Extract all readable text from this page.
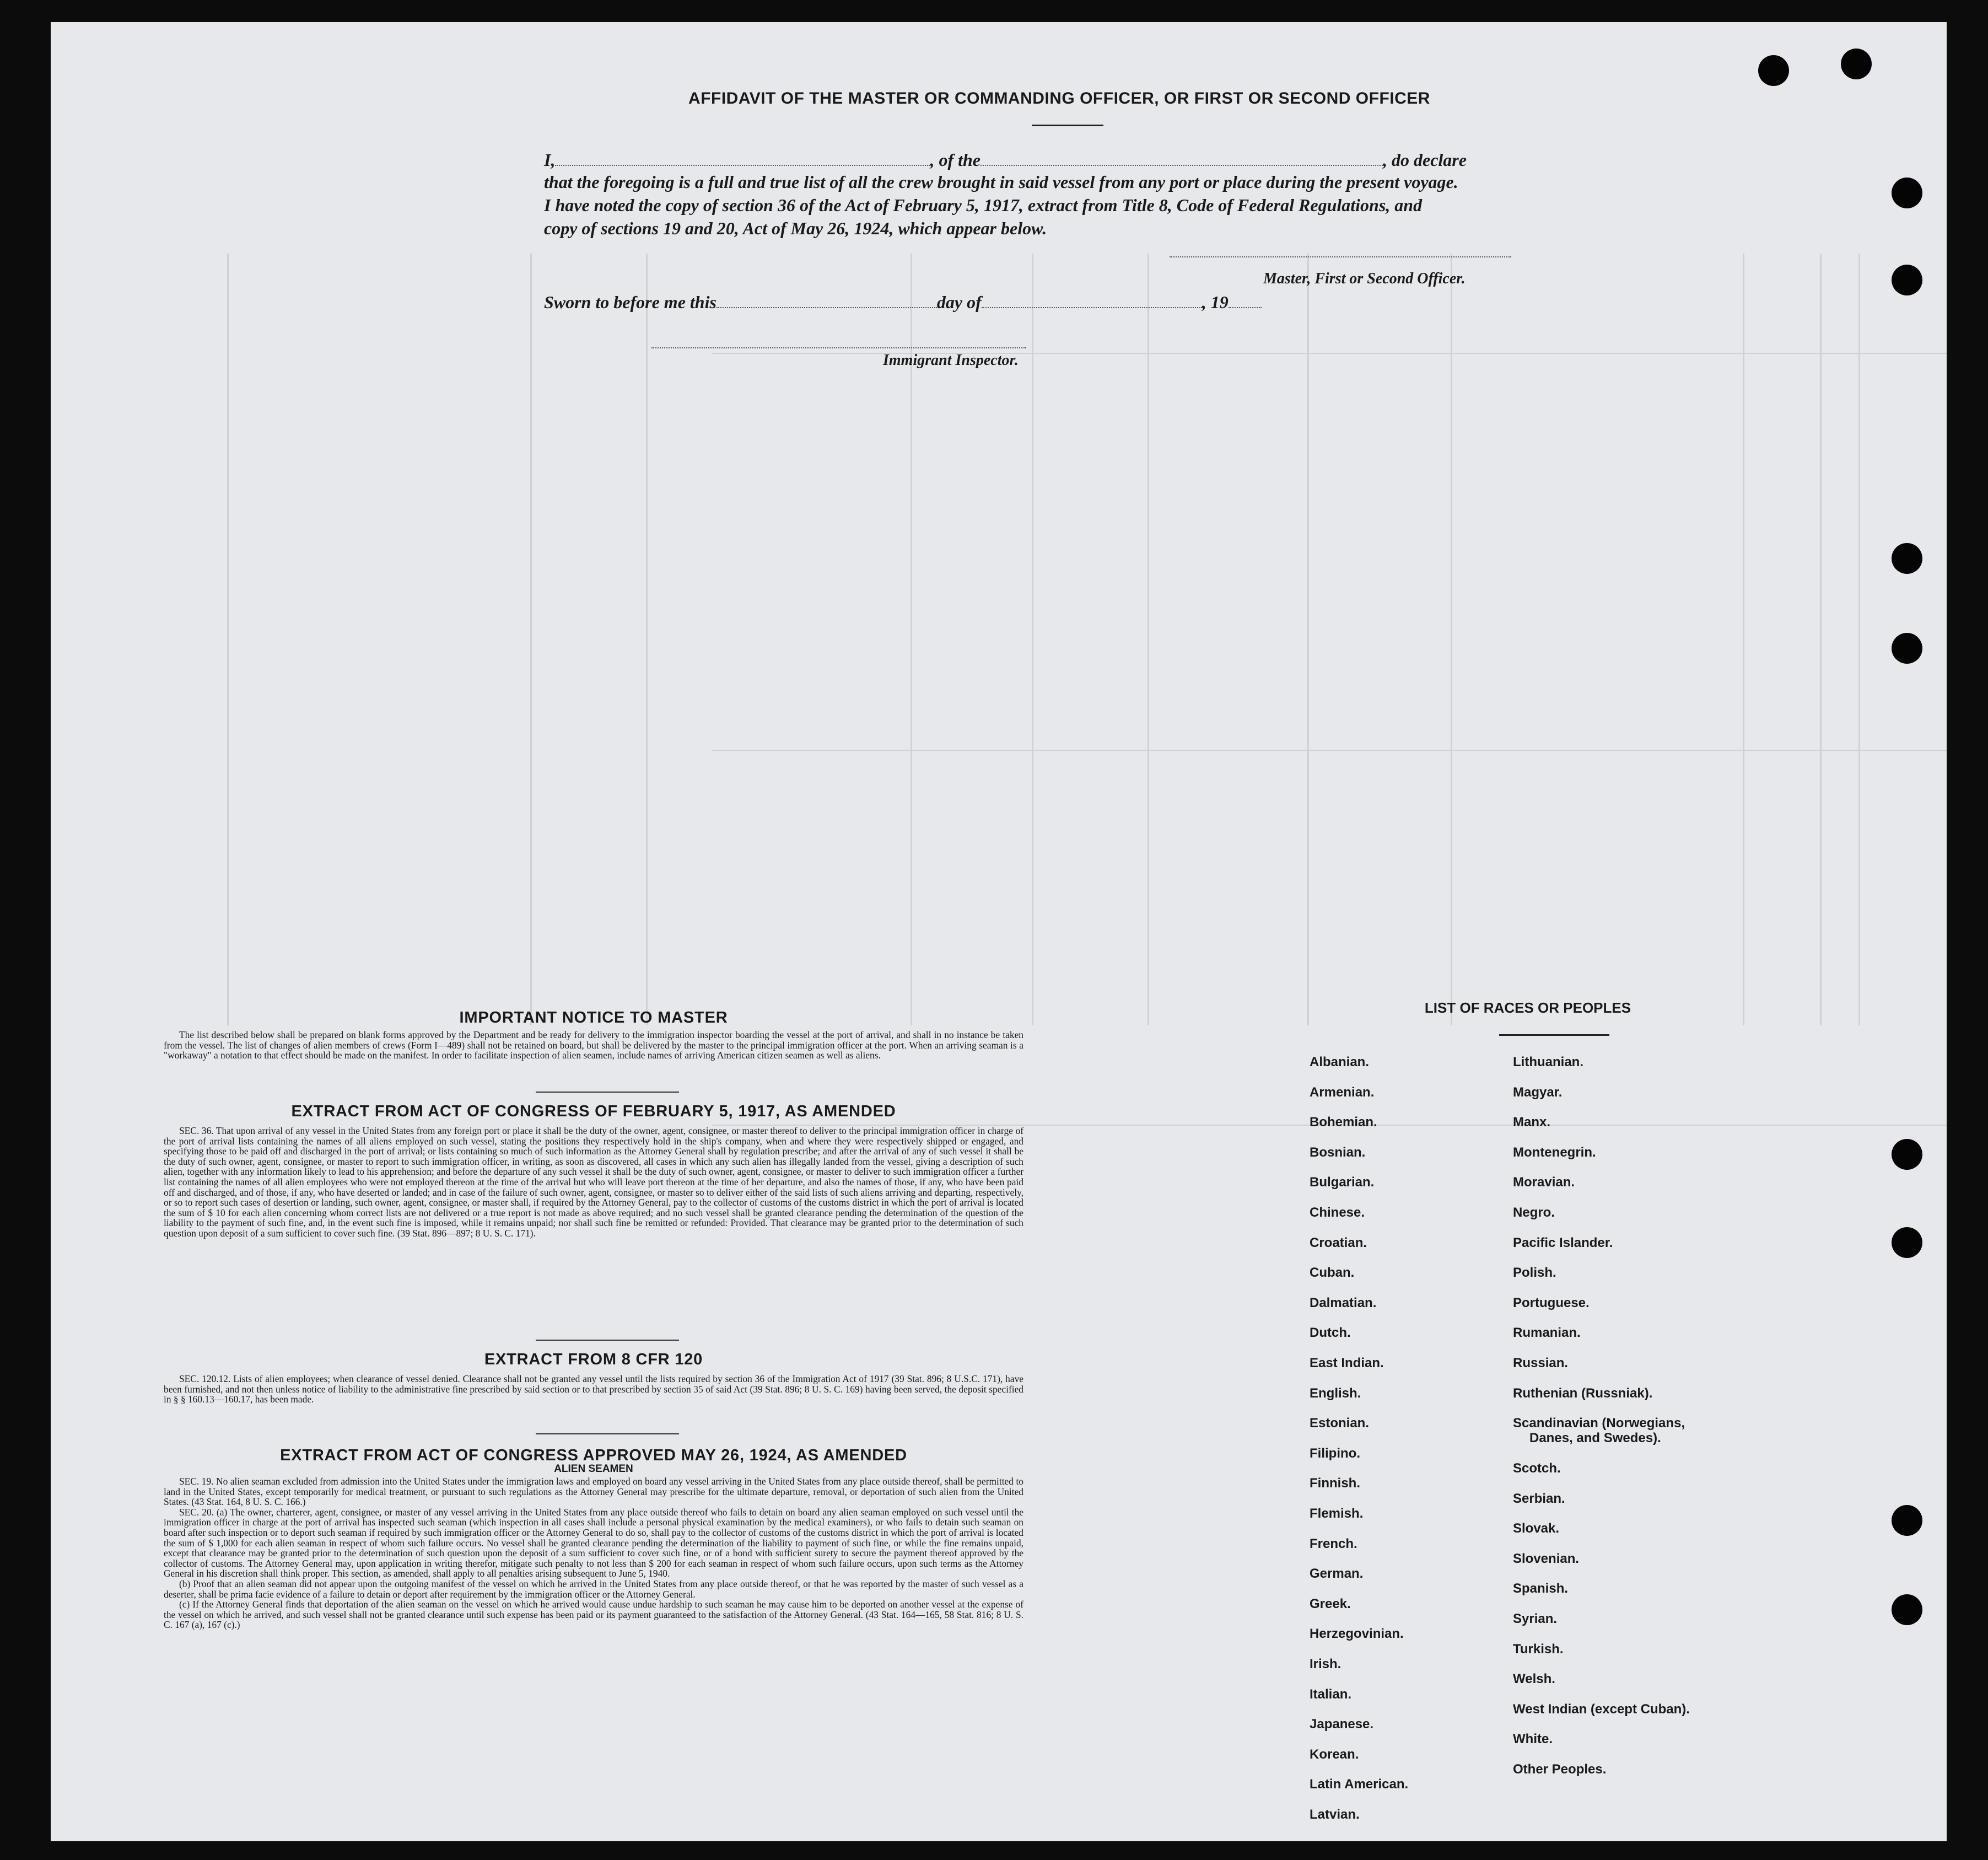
AFFIDAVIT OF THE MASTER OR COMMANDING OFFICER, OR FIRST OR SECOND OFFICER
I,	, of the	, do declare
that the foregoing is a full and true list of all the crew brought in said vessel from any port or place during the present voyage.
I have noted the copy of section 36 of the Act of February 5, 1917, extract from Title 8, Code of Federal Regulations, and
copy of sections 19 and 20, Act of May 26, 1924, which appear below.
Master, First or Second Officer.
Sworn to before me this	day of	, 19
Immigrant Inspector.
IMPORTANT NOTICE TO MASTER

The list described below shall be prepared on blank forms approved by the Department and be ready for delivery to the immigration inspector boarding the vessel at the port of arrival, and shall in no instance be taken from the vessel. The list of changes of alien members of crews (Form I—489) shall not be retained on board, but shall be delivered by the master to the principal immigration officer at the port. When an arriving seaman is a "workaway" a notation to that effect should be made on the manifest. In order to facilitate inspection of alien seamen, include names of arriving American citizen seamen as well as aliens.

EXTRACT FROM ACT OF CONGRESS OF FEBRUARY 5, 1917, AS AMENDED

SEC. 36. That upon arrival of any vessel in the United States from any foreign port or place it shall be the duty of the owner, agent, consignee, or master thereof to deliver to the principal immigration officer in charge of the port of arrival lists containing the names of all aliens employed on such vessel, stating the positions they respectively hold in the ship's company, when and where they were respectively shipped or engaged, and specifying those to be paid off and discharged in the port of arrival; or lists containing so much of such information as the Attorney General shall by regulation prescribe; and after the arrival of any of such vessel it shall be the duty of such owner, agent, consignee, or master to report to such immigration officer, in writing, as soon as discovered, all cases in which any such alien has illegally landed from the vessel, giving a description of such alien, together with any information likely to lead to his apprehension; and before the departure of any such vessel it shall be the duty of such owner, agent, consignee, or master to deliver to such immigration officer a further list containing the names of all alien employees who were not employed thereon at the time of the arrival but who will leave port thereon at the time of her departure, and also the names of those, if any, who have been paid off and discharged, and of those, if any, who have deserted or landed; and in case of the failure of such owner, agent, consignee, or master so to deliver either of the said lists of such aliens arriving and departing, respectively, or so to report such cases of desertion or landing, such owner, agent, consignee, or master shall, if required by the Attorney General, pay to the collector of customs of the customs district in which the port of arrival is located the sum of $ 10 for each alien concerning whom correct lists are not delivered or a true report is not made as above required; and no such vessel shall be granted clearance pending the determination of the question of the liability to the payment of such fine, and, in the event such fine is imposed, while it remains unpaid; nor shall such fine be remitted or refunded: Provided. That clearance may be granted prior to the determination of such question upon deposit of a sum sufficient to cover such fine. (39 Stat. 896—897; 8 U. S. C. 171).

EXTRACT FROM 8 CFR 120

SEC. 120.12. Lists of alien employees; when clearance of vessel denied. Clearance shall not be granted any vessel until the lists required by section 36 of the Immigration Act of 1917 (39 Stat. 896; 8 U.S.C. 171), have been furnished, and not then unless notice of liability to the administrative fine prescribed by said section or to that prescribed by section 35 of said Act (39 Stat. 896; 8 U. S. C. 169) having been served, the deposit specified in § § 160.13—160.17, has been made.

EXTRACT FROM ACT OF CONGRESS APPROVED MAY 26, 1924, AS AMENDED
ALIEN SEAMEN

SEC. 19. No alien seaman excluded from admission into the United States under the immigration laws and employed on board any vessel arriving in the United States from any place outside thereof, shall be permitted to land in the United States, except temporarily for medical treatment, or pursuant to such regulations as the Attorney General may prescribe for the ultimate departure, removal, or deportation of such alien from the United States. (43 Stat. 164, 8 U. S. C. 166.)

SEC. 20. (a) The owner, charterer, agent, consignee, or master of any vessel arriving in the United States from any place outside thereof who fails to detain on board any alien seaman employed on such vessel until the immigration officer in charge at the port of arrival has inspected such seaman (which inspection in all cases shall include a personal physical examination by the medical examiners), or who fails to detain such seaman on board after such inspection or to deport such seaman if required by such immigration officer or the Attorney General to do so, shall pay to the collector of customs of the customs district in which the port of arrival is located the sum of $ 1,000 for each alien seaman in respect of whom such failure occurs. No vessel shall be granted clearance pending the determination of the liability to payment of such fine, or while the fine remains unpaid, except that clearance may be granted prior to the determination of such question upon the deposit of a sum sufficient to cover such fine, or of a bond with sufficient surety to secure the payment thereof approved by the collector of customs. The Attorney General may, upon application in writing therefor, mitigate such penalty to not less than $ 200 for each seaman in respect of whom such failure occurs, upon such terms as the Attorney General in his discretion shall think proper. This section, as amended, shall apply to all penalties arising subsequent to June 5, 1940.

(b) Proof that an alien seaman did not appear upon the outgoing manifest of the vessel on which he arrived in the United States from any place outside thereof, or that he was reported by the master of such vessel as a deserter, shall be prima facie evidence of a failure to detain or deport after requirement by the immigration officer or the Attorney General.

(c) If the Attorney General finds that deportation of the alien seaman on the vessel on which he arrived would cause undue hardship to such seaman he may cause him to be deported on another vessel at the expense of the vessel on which he arrived, and such vessel shall not be granted clearance until such expense has been paid or its payment guaranteed to the satisfaction of the Attorney General. (43 Stat. 164—165, 58 Stat. 816; 8 U. S. C. 167 (a), 167 (c).)

LIST OF RACES OR PEOPLES
Albanian.
Armenian.
Bohemian.
Bosnian.
Bulgarian.
Chinese.
Croatian.
Cuban.
Dalmatian.
Dutch.
East Indian.
English.
Estonian.
Filipino.
Finnish.
Flemish.
French.
German.
Greek.
Herzegovinian.
Irish.
Italian.
Japanese.
Korean.
Latin American.
Latvian.
Lithuanian.
Magyar.
Manx.
Montenegrin.
Moravian.
Negro.
Pacific Islander.
Polish.
Portuguese.
Rumanian.
Russian.
Ruthenian (Russniak).
Scandinavian (Norwegians,
Danes, and Swedes).
Scotch.
Serbian.
Slovak.
Slovenian.
Spanish.
Syrian.
Turkish.
Welsh.
West Indian (except Cuban).
White.
Other Peoples.
